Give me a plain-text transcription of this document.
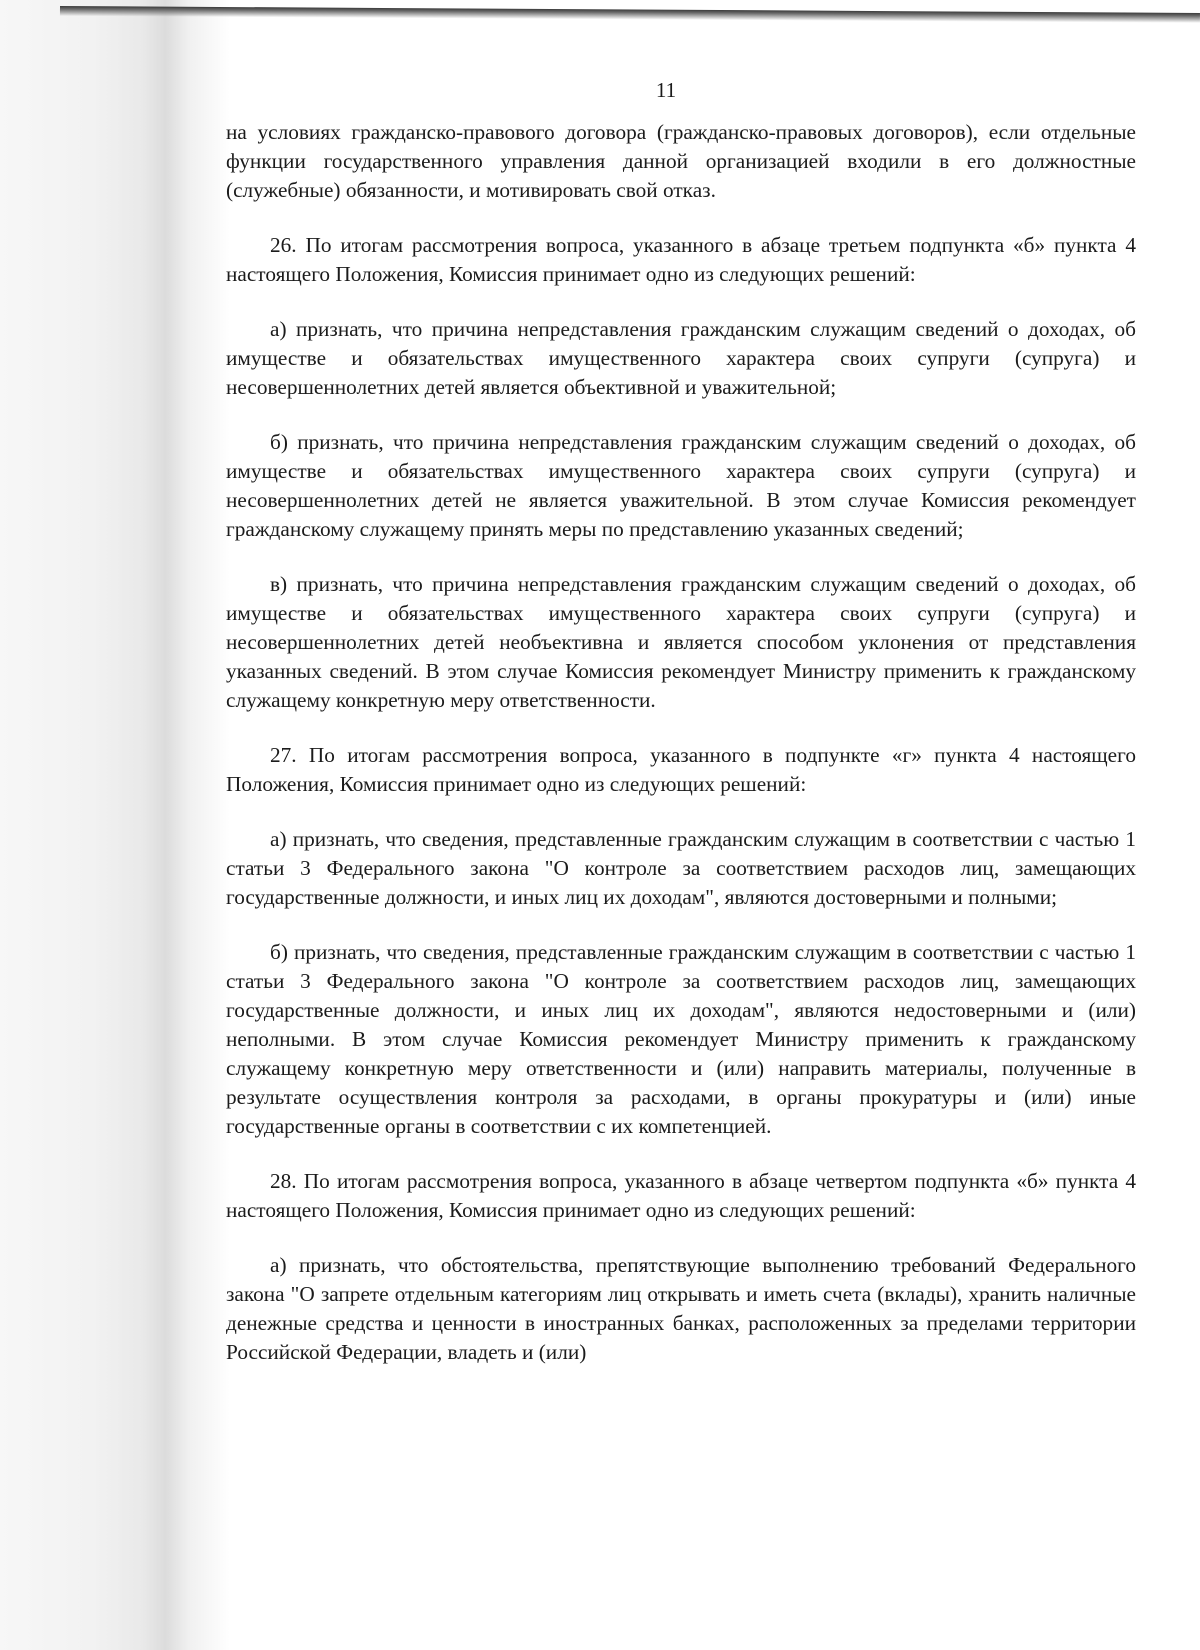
11

на условиях гражданско-правового договора (гражданско-правовых договоров), если отдельные функции государственного управления данной организацией входили в его должностные (служебные) обязанности, и мотивировать свой отказ.

26. По итогам рассмотрения вопроса, указанного в абзаце третьем подпункта «б» пункта 4 настоящего Положения, Комиссия принимает одно из следующих решений:

а) признать, что причина непредставления гражданским служащим сведений о доходах, об имуществе и обязательствах имущественного характера своих супруги (супруга) и несовершеннолетних детей является объективной и уважительной;

б) признать, что причина непредставления гражданским служащим сведений о доходах, об имуществе и обязательствах имущественного характера своих супруги (супруга) и несовершеннолетних детей не является уважительной. В этом случае Комиссия рекомендует гражданскому служащему принять меры по представлению указанных сведений;

в) признать, что причина непредставления гражданским служащим сведений о доходах, об имуществе и обязательствах имущественного характера своих супруги (супруга) и несовершеннолетних детей необъективна и является способом уклонения от представления указанных сведений. В этом случае Комиссия рекомендует Министру применить к гражданскому служащему конкретную меру ответственности.

27. По итогам рассмотрения вопроса, указанного в подпункте «г» пункта 4 настоящего Положения, Комиссия принимает одно из следующих решений:

а) признать, что сведения, представленные гражданским служащим в соответствии с частью 1 статьи 3 Федерального закона "О контроле за соответствием расходов лиц, замещающих государственные должности, и иных лиц их доходам", являются достоверными и полными;

б) признать, что сведения, представленные гражданским служащим в соответствии с частью 1 статьи 3 Федерального закона "О контроле за соответствием расходов лиц, замещающих государственные должности, и иных лиц их доходам", являются недостоверными и (или) неполными. В этом случае Комиссия рекомендует Министру применить к гражданскому служащему конкретную меру ответственности и (или) направить материалы, полученные в результате осуществления контроля за расходами, в органы прокуратуры и (или) иные государственные органы в соответствии с их компетенцией.

28. По итогам рассмотрения вопроса, указанного в абзаце четвертом подпункта «б» пункта 4 настоящего Положения, Комиссия принимает одно из следующих решений:

а) признать, что обстоятельства, препятствующие выполнению требований Федерального закона "О запрете отдельным категориям лиц открывать и иметь счета (вклады), хранить наличные денежные средства и ценности в иностранных банках, расположенных за пределами территории Российской Федерации, владеть и (или)
